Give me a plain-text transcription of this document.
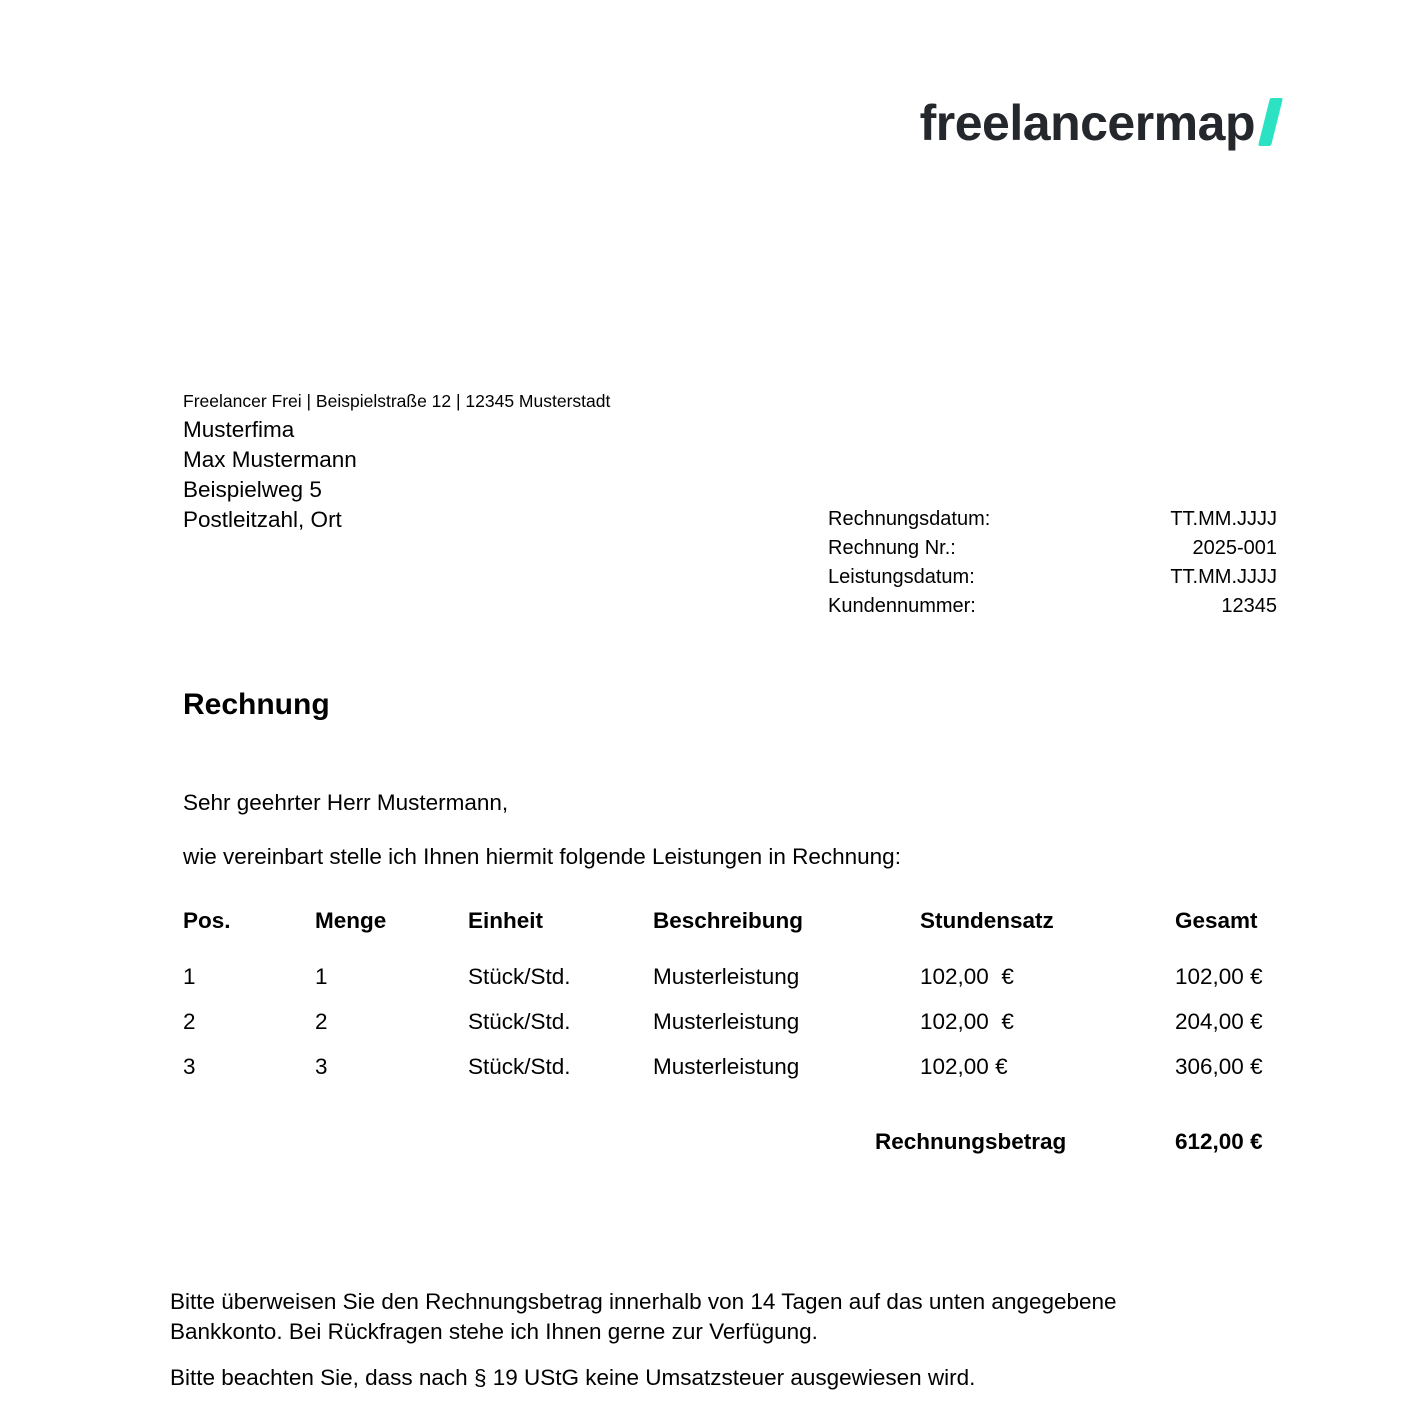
freelancermap
Freelancer Frei | Beispielstraße 12 | 12345 Musterstadt
Musterfima
Max Mustermann
Beispielweg 5
Postleitzahl, Ort	Rechnungsdatum:	TT.MM.JJJJ
Rechnung Nr.:	2025-001
Leistungsdatum:	TT.MM.JJJJ
Kundennummer:	12345
Rechnung
Sehr geehrter Herr Mustermann,
wie vereinbart stelle ich Ihnen hiermit folgende Leistungen in Rechnung:
Pos.	Menge	Einheit	Beschreibung	Stundensatz	Gesamt
1	1	Stück/Std.	Musterleistung	102,00  €	102,00 €
2	2	Stück/Std.	Musterleistung	102,00  €	204,00 €
3	3	Stück/Std.	Musterleistung	102,00 €	306,00 €
Rechnungsbetrag	612,00 €
Bitte überweisen Sie den Rechnungsbetrag innerhalb von 14 Tagen auf das unten angegebene
Bankkonto. Bei Rückfragen stehe ich Ihnen gerne zur Verfügung.
Bitte beachten Sie, dass nach § 19 UStG keine Umsatzsteuer ausgewiesen wird.
